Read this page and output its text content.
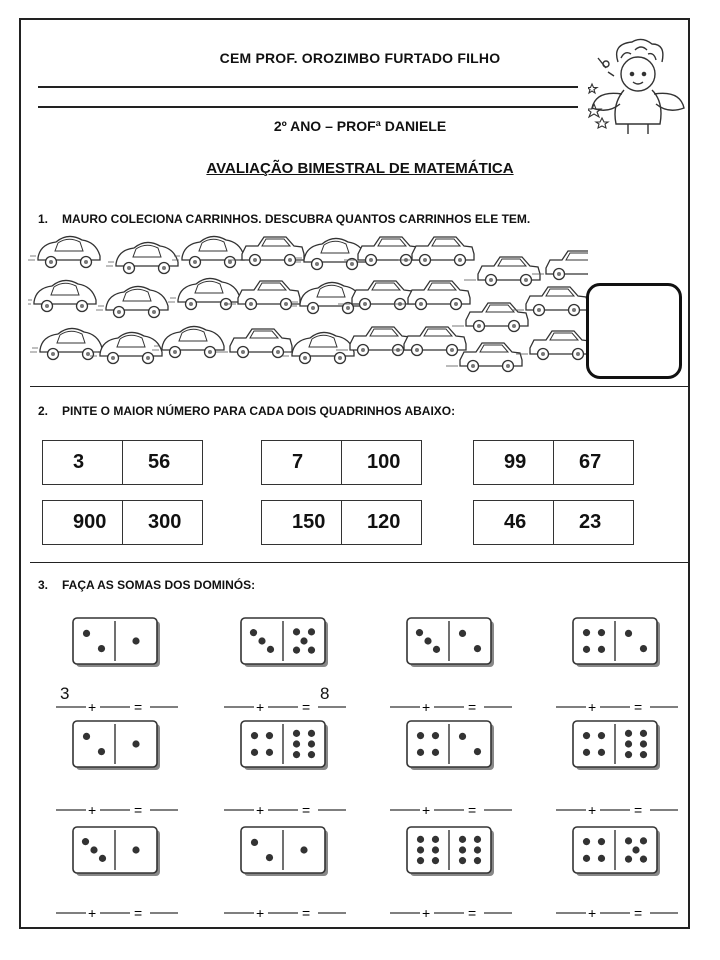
CEM PROF. OROZIMBO FURTADO FILHO
2º ANO – PROFª DANIELE
AVALIAÇÃO BIMESTRAL DE MATEMÁTICA
1. MAURO COLECIONA CARRINHOS. DESCUBRA QUANTOS CARRINHOS ELE TEM.
2. PINTE O MAIOR NÚMERO PARA CADA DOIS QUADRINHOS ABAIXO:
3	56	7	100	99	67
900	300	150	120	46	23
3. FAÇA AS SOMAS DOS DOMINÓS:
+	=	+	=	+	=	+	=
+	=	+	=	+	=	+	=
+	=	+	=	+	=	+	=
3	8
